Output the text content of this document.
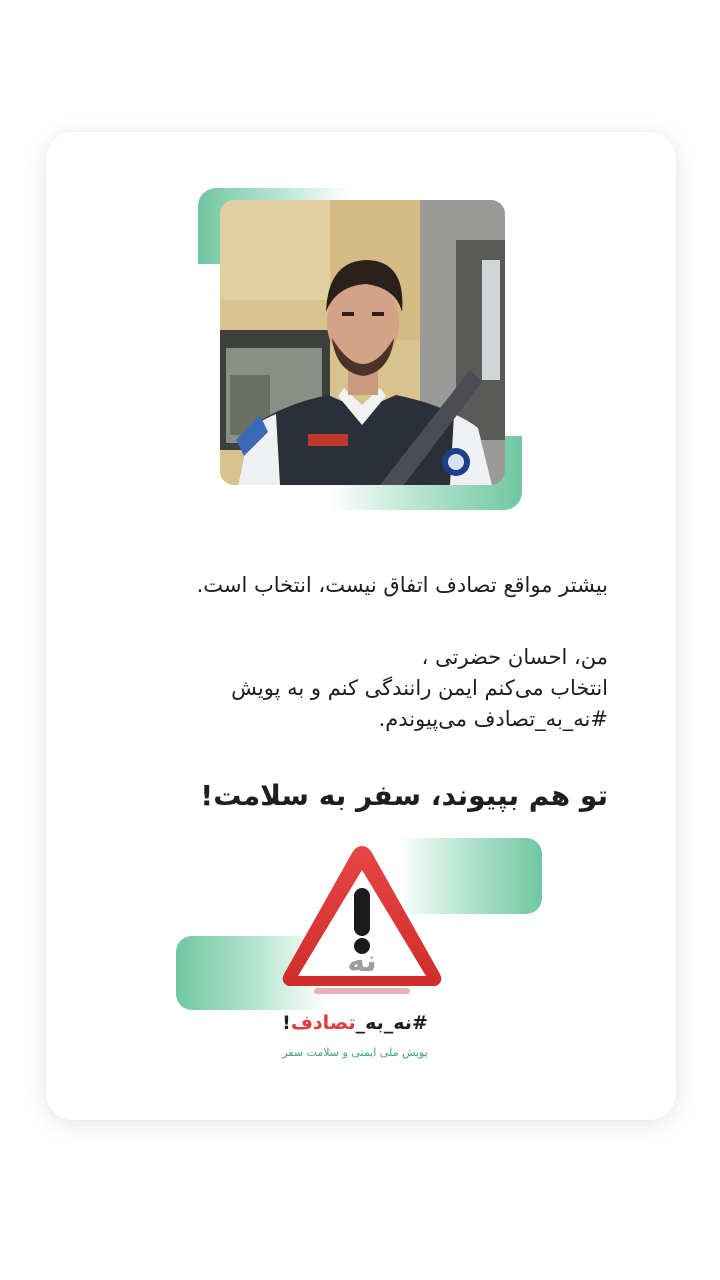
بیشتر مواقع تصادف اتفاق نیست، انتخاب است.
من، احسان حضرتی ،
انتخاب می‌کنم ایمن رانندگی کنم و به پویش
#نه_به_تصادف می‌پیوندم.
تو هم بپیوند، سفر به سلامت!
نه
#نه_به_تصادف!
پویش ملی ایمنی و سلامت سفر
